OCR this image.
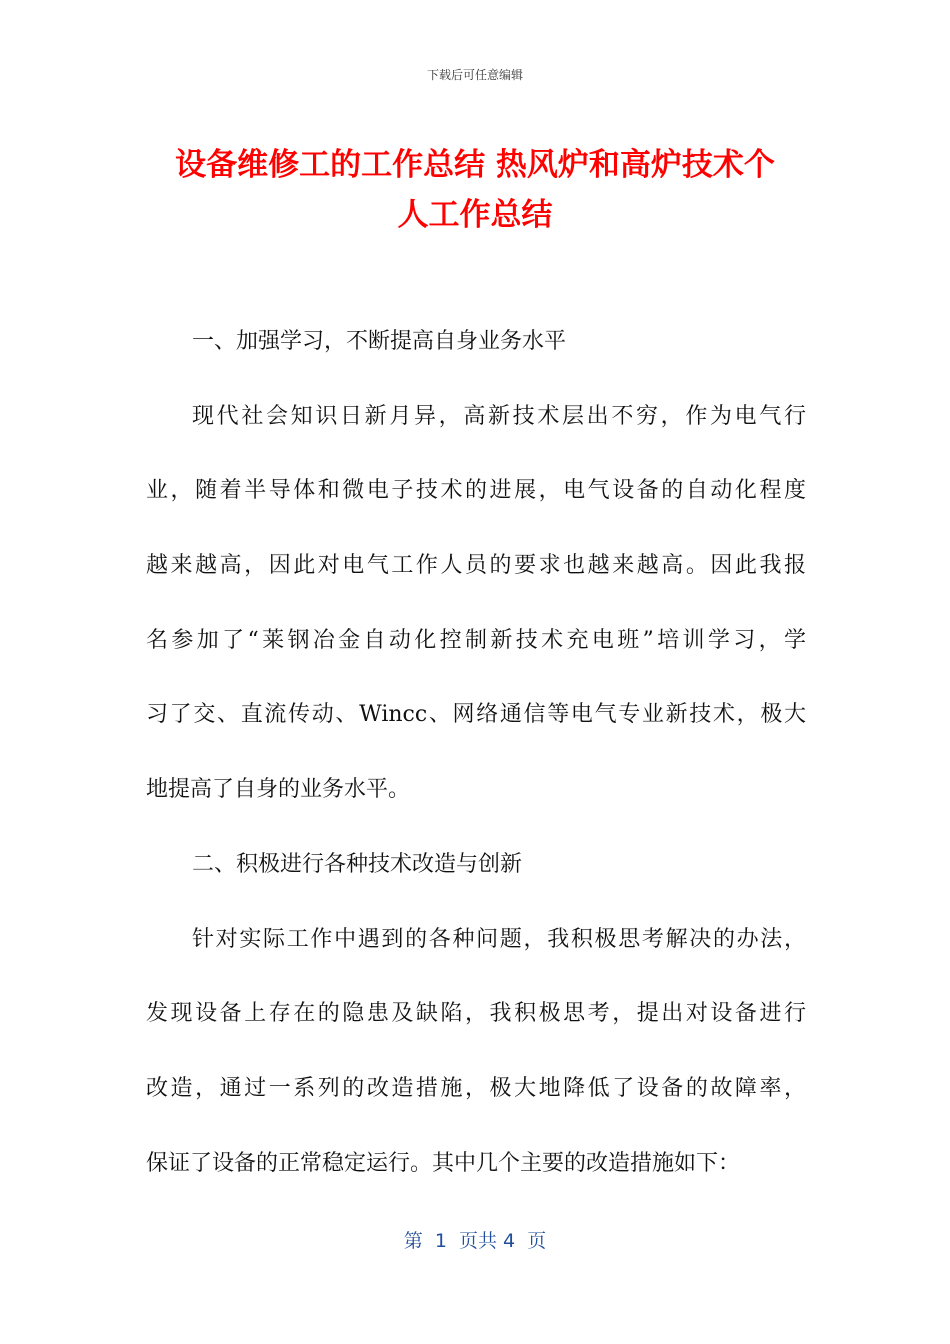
下载后可任意编辑
设备维修工的工作总结 热风炉和高炉技术个
人工作总结
一、加强学习，不断提高自身业务水平
现代社会知识日新月异，高新技术层出不穷，作为电气行
业，随着半导体和微电子技术的进展，电气设备的自动化程度
越来越高，因此对电气工作人员的要求也越来越高。因此我报
名参加了“莱钢冶金自动化控制新技术充电班”培训学习，学
习了交、直流传动、Wincc、网络通信等电气专业新技术，极大
地提高了自身的业务水平。
二、积极进行各种技术改造与创新
针对实际工作中遇到的各种问题，我积极思考解决的办法，
发现设备上存在的隐患及缺陷，我积极思考，提出对设备进行
改造，通过一系列的改造措施，极大地降低了设备的故障率，
保证了设备的正常稳定运行。其中几个主要的改造措施如下：
第  1  页共 4  页
